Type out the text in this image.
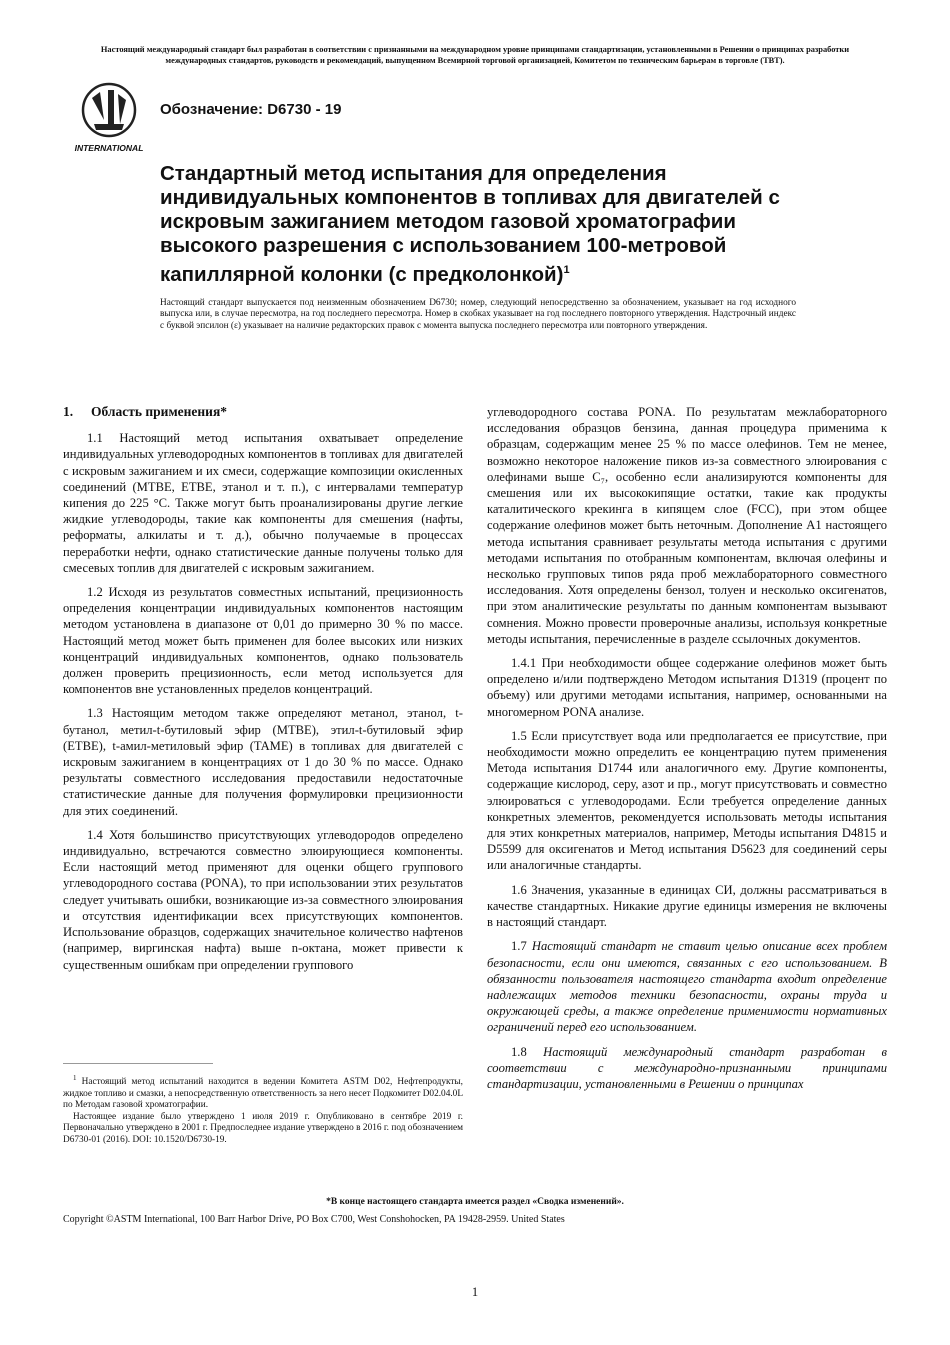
Настоящий международный стандарт был разработан в соответствии с признанными на международном уровне принципами стандартизации, установленными в Решении о принципах разработки международных стандартов, руководств и рекомендаций, выпущенном Всемирной торговой организацией, Комитетом по техническим барьерам в торговле (ТВТ).
INTERNATIONAL
Обозначение: D6730 - 19
Стандартный метод испытания для определения индивидуальных компонентов в топливах для двигателей с искровым зажиганием методом газовой хроматографии высокого разрешения с использованием 100-метровой капиллярной колонки (с предколонкой)$^1$

Настоящий стандарт выпускается под неизменным обозначением D6730; номер, следующий непосредственно за обозначением, указывает на год исходного выпуска или, в случае пересмотра, на год последнего пересмотра. Номер в скобках указывает на год последнего повторного утверждения. Надстрочный индекс с буквой эпсилон (ε) указывает на наличие редакторских правок с момента выпуска последнего пересмотра или повторного утверждения.

1. Область применения*

1.1 Настоящий метод испытания охватывает определение индивидуальных углеводородных компонентов в топливах для двигателей с искровым зажиганием и их смеси, содержащие композиции окисленных соединений (MTBE, ETBE, этанол и т. п.), с интервалами температур кипения до 225 °C. Также могут быть проанализированы другие легкие жидкие углеводороды, такие как компоненты для смешения (нафты, реформаты, алкилаты и т. д.), обычно получаемые в процессах переработки нефти, однако статистические данные получены только для смесевых топлив для двигателей с искровым зажиганием.

1.2 Исходя из результатов совместных испытаний, прецизионность определения концентрации индивидуальных компонентов настоящим методом установлена в диапазоне от 0,01 до примерно 30 % по массе. Настоящий метод может быть применен для более высоких или низких концентраций индивидуальных компонентов, однако пользователь должен проверить прецизионность, если метод используется для компонентов вне установленных пределов концентраций.

1.3 Настоящим методом также определяют метанол, этанол, t-бутанол, метил-t-бутиловый эфир (MTBE), этил-t-бутиловый эфир (ETBE), t-амил-метиловый эфир (TAME) в топливах для двигателей с искровым зажиганием в концентрациях от 1 до 30 % по массе. Однако результаты совместного исследования предоставили недостаточные статистические данные для получения формулировки прецизионности для этих соединений.

1.4 Хотя большинство присутствующих углеводородов определено индивидуально, встречаются совместно элюирующиеся компоненты. Если настоящий метод применяют для оценки общего группового углеводородного состава (PONA), то при использовании этих результатов следует учитывать ошибки, возникающие из-за совместного элюирования и отсутствия идентификации всех присутствующих компонентов. Использование образцов, содержащих значительное количество нафтенов (например, виргинская нафта) выше n-октана, может привести к существенным ошибкам при определении группового

углеводородного состава PONA. По результатам межлабораторного исследования образцов бензина, данная процедура применима к образцам, содержащим менее 25 % по массе олефинов. Тем не менее, возможно некоторое наложение пиков из-за совместного элюирования с олефинами выше C₇, особенно если анализируются компоненты для смешения или их высококипящие остатки, такие как продукты каталитического крекинга в кипящем слое (FCC), при этом общее содержание олефинов может быть неточным. Дополнение A1 настоящего метода испытания сравнивает результаты метода испытания с другими методами испытания по отобранным компонентам, включая олефины и несколько групповых типов ряда проб межлабораторного совместного исследования. Хотя определены бензол, толуен и несколько оксигенатов, при этом аналитические результаты по данным компонентам вызывают сомнения. Можно провести проверочные анализы, используя конкретные методы испытания, перечисленные в разделе ссылочных документов.

1.4.1 При необходимости общее содержание олефинов может быть определено и/или подтверждено Методом испытания D1319 (процент по объему) или другими методами испытания, например, основанными на многомерном PONA анализе.

1.5 Если присутствует вода или предполагается ее присутствие, при необходимости можно определить ее концентрацию путем применения Метода испытания D1744 или аналогичного ему. Другие компоненты, содержащие кислород, серу, азот и пр., могут присутствовать и совместно элюироваться с углеводородами. Если требуется определение данных конкретных элементов, рекомендуется использовать методы испытания для этих конкретных материалов, например, Методы испытания D4815 и D5599 для оксигенатов и Метод испытания D5623 для соединений серы или аналогичные стандарты.

1.6 Значения, указанные в единицах СИ, должны рассматриваться в качестве стандартных. Никакие другие единицы измерения не включены в настоящий стандарт.

1.7 Настоящий стандарт не ставит целью описание всех проблем безопасности, если они имеются, связанных с его использованием. В обязанности пользователя настоящего стандарта входит определение надлежащих методов техники безопасности, охраны труда и окружающей среды, а также определение применимости нормативных ограничений перед его использованием.

1.8 Настоящий международный стандарт разработан в соответствии с международно-признанными принципами стандартизации, установленными в Решении о принципах

$^1$ Настоящий метод испытаний находится в ведении Комитета ASTM D02, Нефтепродукты, жидкое топливо и смазки, а непосредственную ответственность за него несет Подкомитет D02.04.0L по Методам газовой хроматографии.

Настоящее издание было утверждено 1 июля 2019 г. Опубликовано в сентябре 2019 г. Первоначально утверждено в 2001 г. Предпоследнее издание утверждено в 2016 г. под обозначением D6730-01 (2016). DOI: 10.1520/D6730-19.

*В конце настоящего стандарта имеется раздел «Сводка изменений».
Copyright ©ASTM International, 100 Barr Harbor Drive, PO Box C700, West Conshohocken, PA 19428-2959. United States
1
